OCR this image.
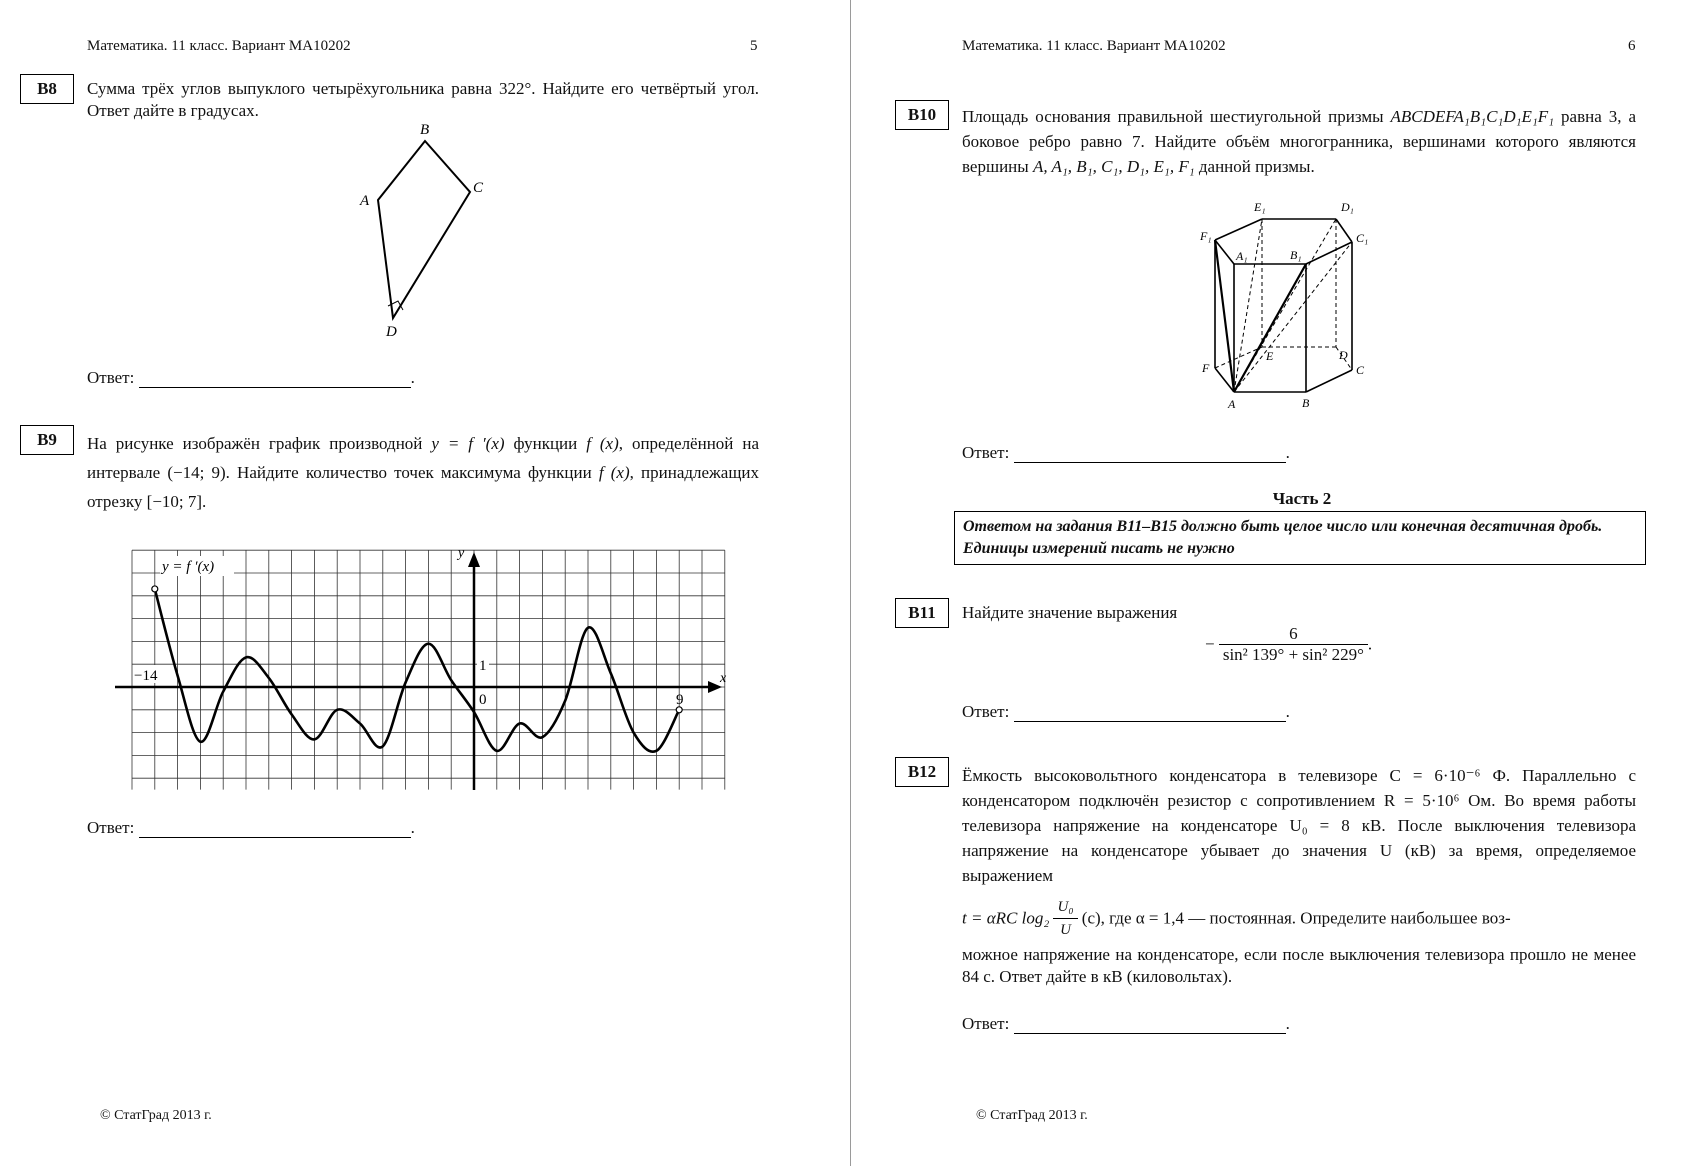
Математика. 11 класс. Вариант МА10202	5
B8	Сумма трёх углов выпуклого четырёхугольника равна 322°. Найдите его четвёртый угол. Ответ дайте в градусах.
A
B
C
D
Ответ:	.
B9	На рисунке изображён график производной y = f ′(x) функции f (x), определённой на интервале (−14; 9). Найдите количество точек максимума функции f (x), принадлежащих отрезку [−10; 7].
y = f ′(x)
x
y
−14
9
0
1
Ответ:	.
© СтатГрад 2013 г.
Математика. 11 класс. Вариант МА10202	6
B10	Площадь основания правильной шестиугольной призмы ABCDEFA₁B₁C₁D₁E₁F₁ равна 3, а боковое ребро равно 7. Найдите объём многогранника, вершинами которого являются вершины A, A₁, B₁, C₁, D₁, E₁, F₁ данной призмы.
F₁
E₁	D₁
C₁
A₁	B₁
F
E	D
C
A	B
Ответ:	.
Часть 2
Ответом на задания B11–B15 должно быть целое число или конечная десятичная дробь. Единицы измерений писать не нужно
B11	Найдите значение выражения
− $\frac{6}{\text{sin² 139° + sin² 229°}}$ .
Ответ:	.
B12	Ёмкость высоковольтного конденсатора в телевизоре C = 6·10⁻⁶ Ф. Параллельно с конденсатором подключён резистор с сопротивлением R = 5·10⁶ Ом. Во время работы телевизора напряжение на конденсаторе U₀ = 8 кВ. После выключения телевизора напряжение на конденсаторе убывает до значения U (кВ) за время, определяемое выражением
t = αRC $\log_2 \frac{\text{U₀}}{U} (с)$, где α = 1,4 — постоянная. Определите наибольшее воз-
можное напряжение на конденсаторе, если после выключения телевизора прошло не менее 84 с. Ответ дайте в кВ (киловольтах).
Ответ:	.
© СтатГрад 2013 г.
